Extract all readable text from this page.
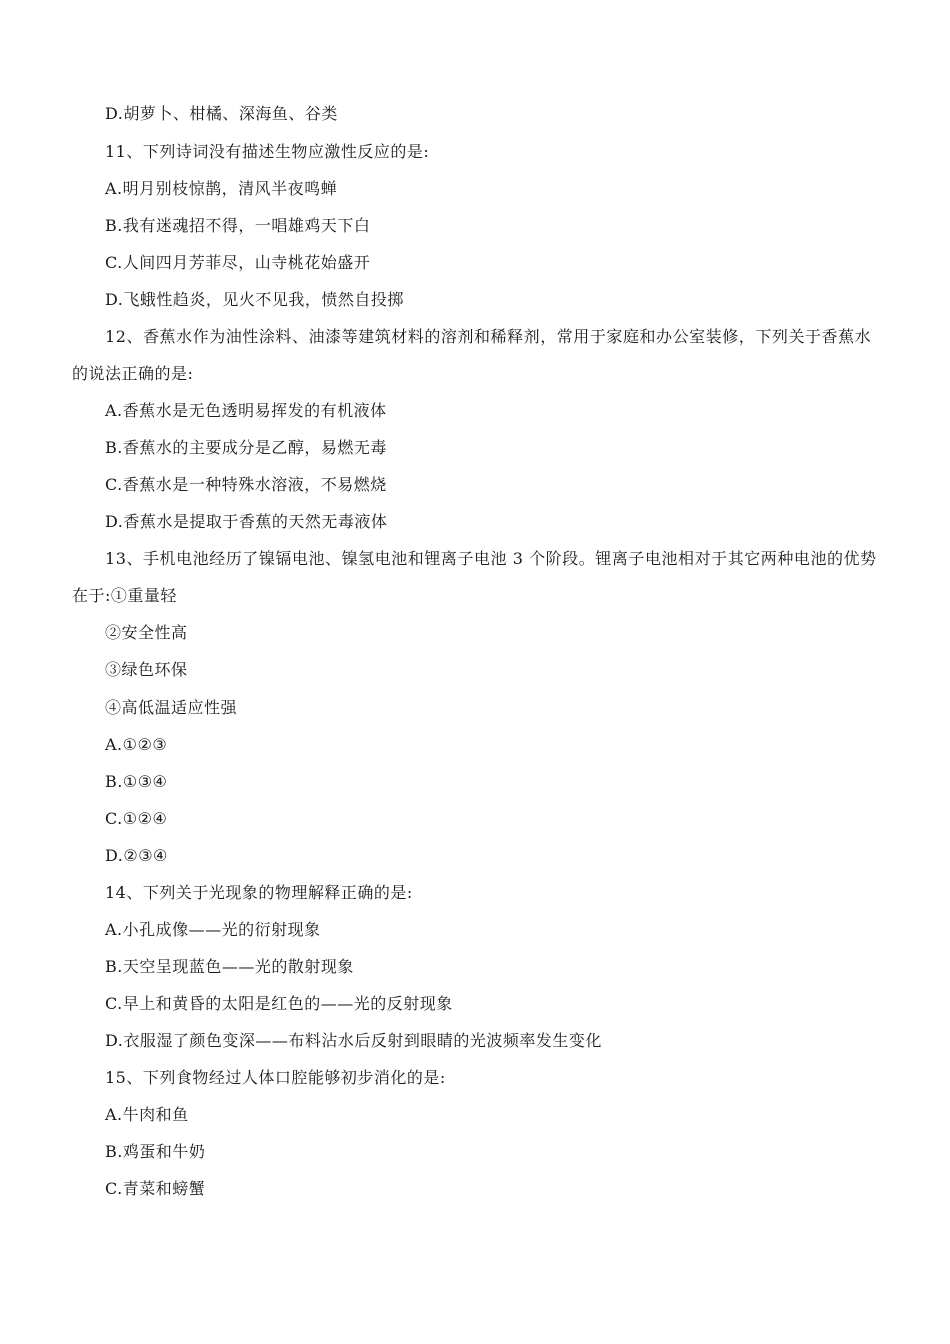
D.胡萝卜、柑橘、深海鱼、谷类
11、下列诗词没有描述生物应激性反应的是:
A.明月别枝惊鹊，清风半夜鸣蝉
B.我有迷魂招不得，一唱雄鸡天下白
C.人间四月芳菲尽，山寺桃花始盛开
D.飞蛾性趋炎，见火不见我，愤然自投掷
12、香蕉水作为油性涂料、油漆等建筑材料的溶剂和稀释剂，常用于家庭和办公室装修，下列关于香蕉水
的说法正确的是:
A.香蕉水是无色透明易挥发的有机液体
B.香蕉水的主要成分是乙醇，易燃无毒
C.香蕉水是一种特殊水溶液，不易燃烧
D.香蕉水是提取于香蕉的天然无毒液体
13、手机电池经历了镍镉电池、镍氢电池和锂离子电池 3 个阶段。锂离子电池相对于其它两种电池的优势
在于:①重量轻
②安全性高
③绿色环保
④高低温适应性强
A.①②③
B.①③④
C.①②④
D.②③④
14、下列关于光现象的物理解释正确的是:
A.小孔成像——光的衍射现象
B.天空呈现蓝色——光的散射现象
C.早上和黄昏的太阳是红色的——光的反射现象
D.衣服湿了颜色变深——布料沾水后反射到眼睛的光波频率发生变化
15、下列食物经过人体口腔能够初步消化的是:
A.牛肉和鱼
B.鸡蛋和牛奶
C.青菜和螃蟹
